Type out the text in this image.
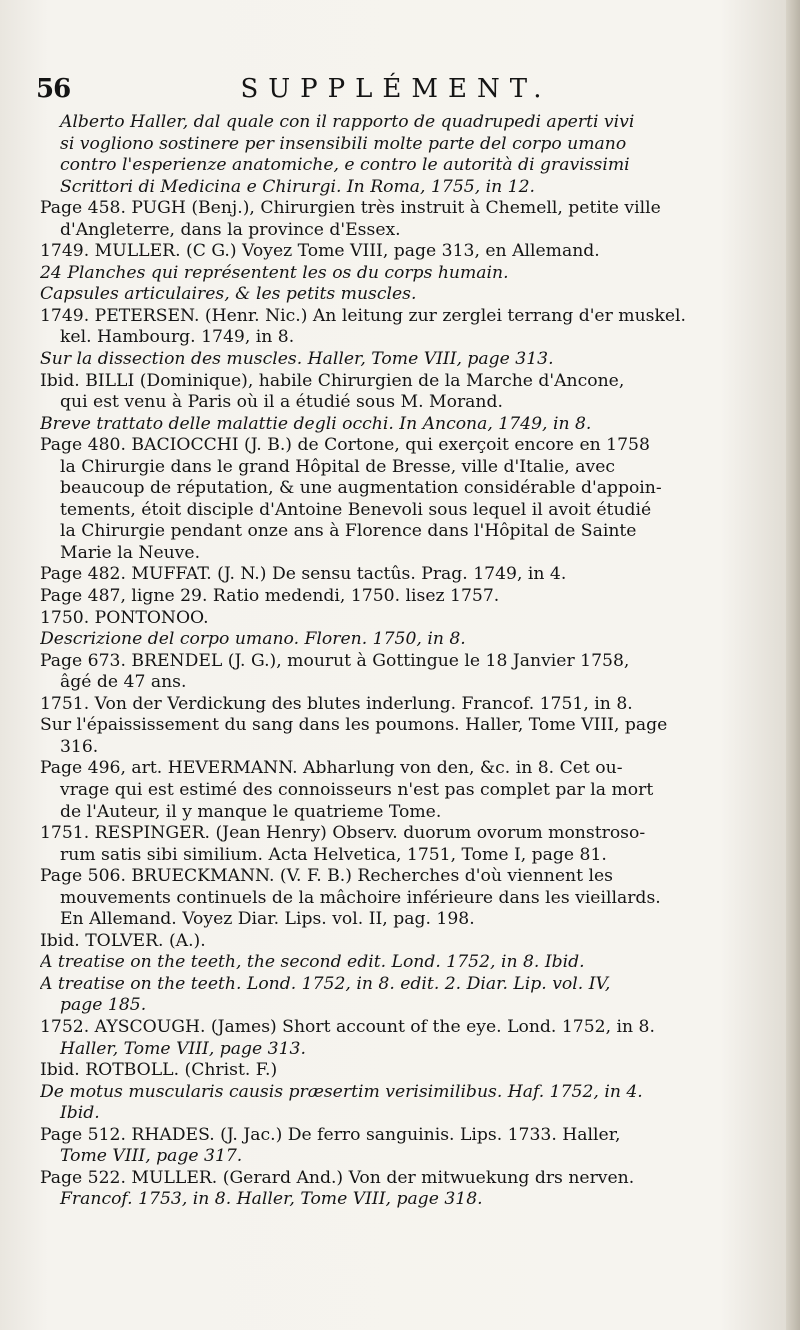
56	SUPPLÉMENT.
Alberto Haller, dal quale con il rapporto de quadrupedi aperti vivi
si vogliono sostinere per insensibili molte parte del corpo umano
contro l'esperienze anatomiche, e contro le autorità di gravissimi
Scrittori di Medicina e Chirurgi. In Roma, 1755, in 12.
Page 458. PUGH (Benj.), Chirurgien très instruit à Chemell, petite ville
d'Angleterre, dans la province d'Essex.
1749. MULLER. (C G.) Voyez Tome VIII, page 313, en Allemand.
24 Planches qui représentent les os du corps humain.
Capsules articulaires, & les petits muscles.
1749. PETERSEN. (Henr. Nic.) An leitung zur zerglei terrang d'er muskel.
kel. Hambourg. 1749, in 8.
Sur la dissection des muscles. Haller, Tome VIII, page 313.
Ibid. BILLI (Dominique), habile Chirurgien de la Marche d'Ancone,
qui est venu à Paris où il a étudié sous M. Morand.
Breve trattato delle malattie degli occhi. In Ancona, 1749, in 8.
Page 480. BACIOCCHI (J. B.) de Cortone, qui exerçoit encore en 1758
la Chirurgie dans le grand Hôpital de Bresse, ville d'Italie, avec
beaucoup de réputation, & une augmentation considérable d'appoin-
tements, étoit disciple d'Antoine Benevoli sous lequel il avoit étudié
la Chirurgie pendant onze ans à Florence dans l'Hôpital de Sainte
Marie la Neuve.
Page 482. MUFFAT. (J. N.) De sensu tactûs. Prag. 1749, in 4.
Page 487, ligne 29. Ratio medendi, 1750. lisez 1757.
1750. PONTONOO.
Descrizione del corpo umano. Floren. 1750, in 8.
Page 673. BRENDEL (J. G.), mourut à Gottingue le 18 Janvier 1758,
âgé de 47 ans.
1751. Von der Verdickung des blutes inderlung. Francof. 1751, in 8.
Sur l'épaississement du sang dans les poumons. Haller, Tome VIII, page
316.
Page 496, art. HEVERMANN. Abharlung von den, &c. in 8. Cet ou-
vrage qui est estimé des connoisseurs n'est pas complet par la mort
de l'Auteur, il y manque le quatrieme Tome.
1751. RESPINGER. (Jean Henry) Observ. duorum ovorum monstroso-
rum satis sibi similium. Acta Helvetica, 1751, Tome I, page 81.
Page 506. BRUECKMANN. (V. F. B.) Recherches d'où viennent les
mouvements continuels de la mâchoire inférieure dans les vieillards.
En Allemand. Voyez Diar. Lips. vol. II, pag. 198.
Ibid. TOLVER. (A.).
A treatise on the teeth, the second edit. Lond. 1752, in 8. Ibid.
A treatise on the teeth. Lond. 1752, in 8. edit. 2. Diar. Lip. vol. IV,
page 185.
1752. AYSCOUGH. (James) Short account of the eye. Lond. 1752, in 8.
Haller, Tome VIII, page 313.
Ibid. ROTBOLL. (Christ. F.)
De motus muscularis causis præsertim verisimilibus. Haf. 1752, in 4.
Ibid.
Page 512. RHADES. (J. Jac.) De ferro sanguinis. Lips. 1733. Haller,
Tome VIII, page 317.
Page 522. MULLER. (Gerard And.) Von der mitwuekung drs nerven.
Francof. 1753, in 8. Haller, Tome VIII, page 318.
